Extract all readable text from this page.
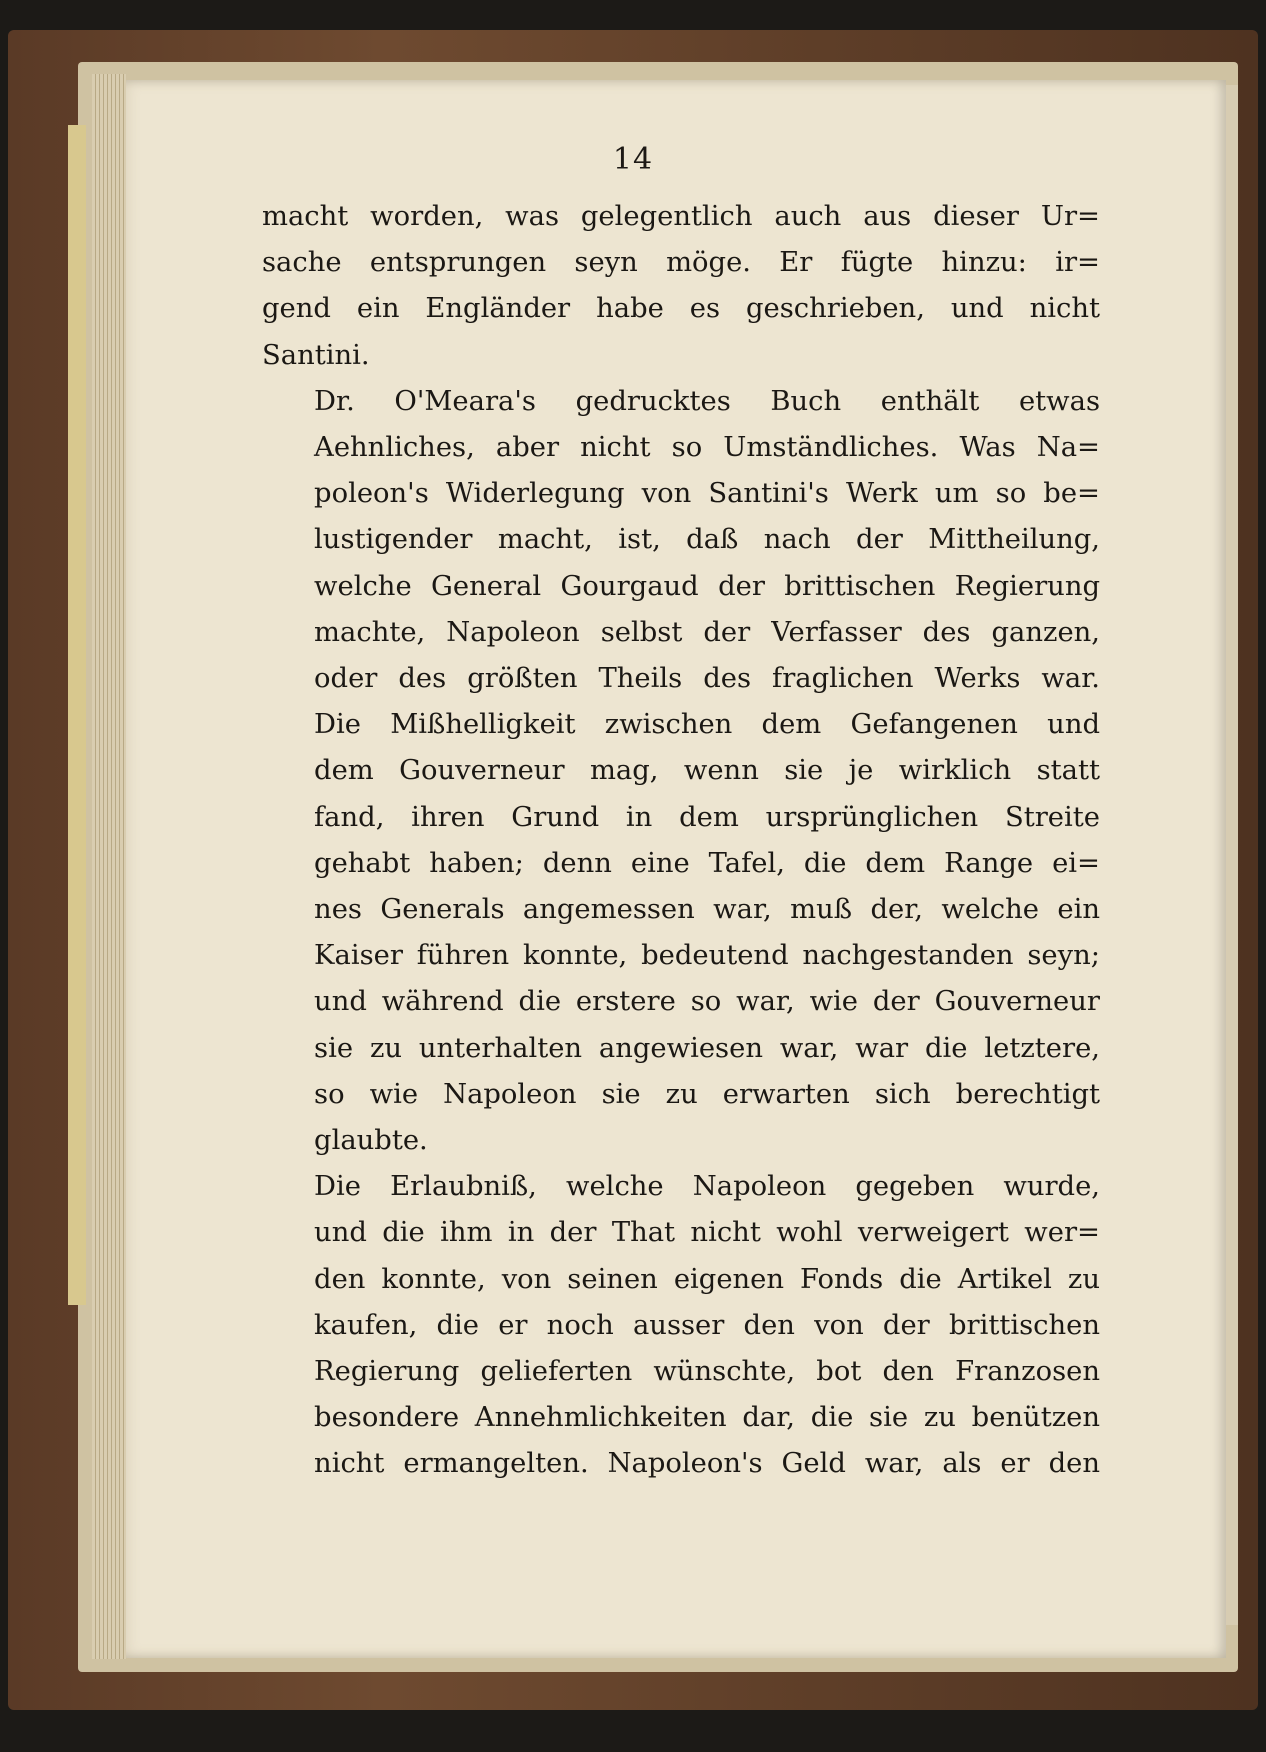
14

macht worden, was gelegentlich auch aus dieser Ur=
sache entsprungen seyn möge. Er fügte hinzu: ir=
gend ein Engländer habe es geschrieben, und nicht
Santini.

Dr. O'Meara's gedrucktes Buch enthält etwas
Aehnliches, aber nicht so Umständliches. Was Na=
poleon's Widerlegung von Santini's Werk um so be=
lustigender macht, ist, daß nach der Mittheilung,
welche General Gourgaud der brittischen Regierung
machte, Napoleon selbst der Verfasser des ganzen,
oder des größten Theils des fraglichen Werks war.
Die Mißhelligkeit zwischen dem Gefangenen und
dem Gouverneur mag, wenn sie je wirklich statt
fand, ihren Grund in dem ursprünglichen Streite
gehabt haben; denn eine Tafel, die dem Range ei=
nes Generals angemessen war, muß der, welche ein
Kaiser führen konnte, bedeutend nachgestanden seyn;
und während die erstere so war, wie der Gouverneur
sie zu unterhalten angewiesen war, war die letztere,
so wie Napoleon sie zu erwarten sich berechtigt
glaubte.

Die Erlaubniß, welche Napoleon gegeben wurde,
und die ihm in der That nicht wohl verweigert wer=
den konnte, von seinen eigenen Fonds die Artikel zu
kaufen, die er noch ausser den von der brittischen
Regierung gelieferten wünschte, bot den Franzosen
besondere Annehmlichkeiten dar, die sie zu benützen
nicht ermangelten. Napoleon's Geld war, als er den
